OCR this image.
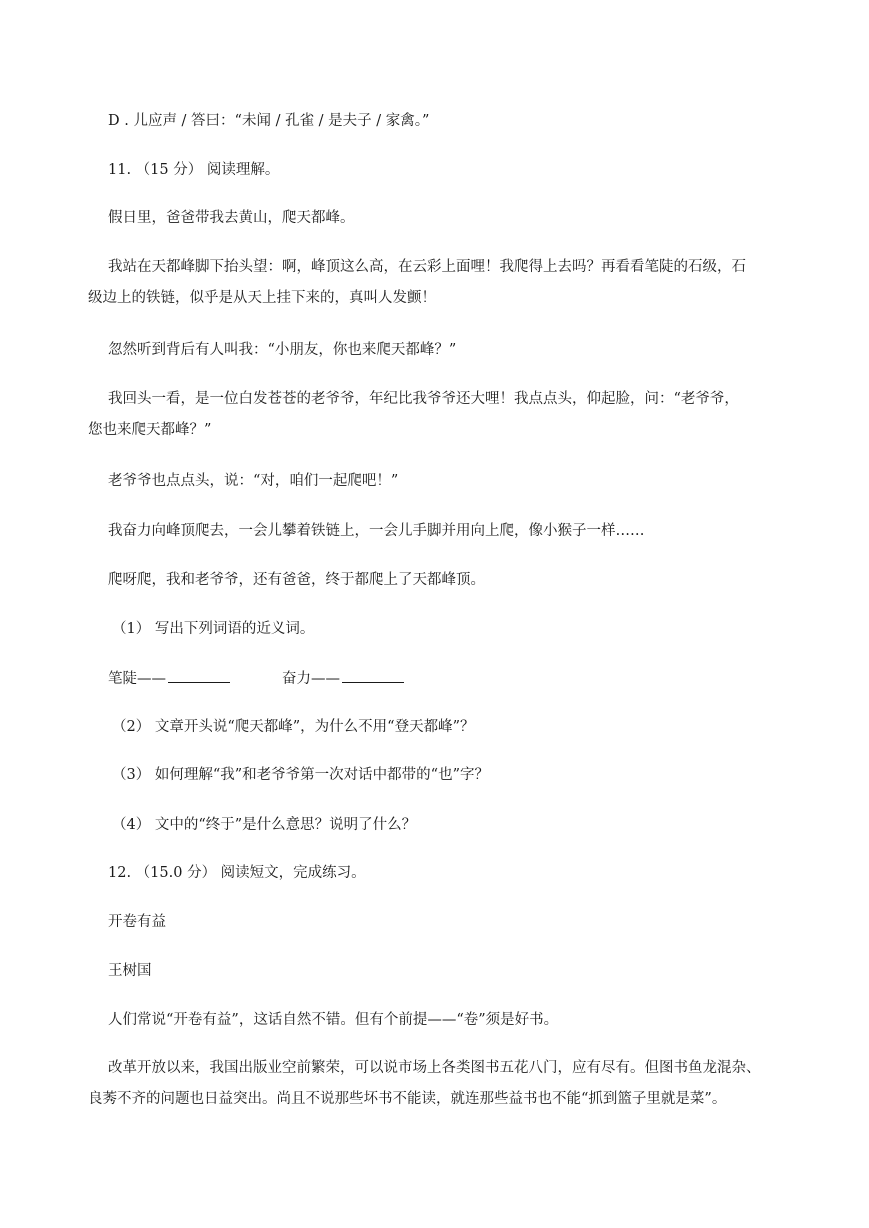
D . 儿应声 / 答曰：“未闻 / 孔雀 / 是夫子 / 家禽。”
11. （15 分） 阅读理解。
假日里，爸爸带我去黄山，爬天都峰。
我站在天都峰脚下抬头望：啊，峰顶这么高，在云彩上面哩！我爬得上去吗？再看看笔陡的石级，石
级边上的铁链，似乎是从天上挂下来的，真叫人发颤！
忽然听到背后有人叫我：“小朋友，你也来爬天都峰？”
我回头一看，是一位白发苍苍的老爷爷，年纪比我爷爷还大哩！我点点头，仰起脸，问：“老爷爷，
您也来爬天都峰？”
老爷爷也点点头，说：“对，咱们一起爬吧！”
我奋力向峰顶爬去，一会儿攀着铁链上，一会儿手脚并用向上爬，像小猴子一样……
爬呀爬，我和老爷爷，还有爸爸，终于都爬上了天都峰顶。
（1） 写出下列词语的近义词。
笔陡——	奋力——
（2） 文章开头说“爬天都峰”，为什么不用“登天都峰”？
（3） 如何理解“我”和老爷爷第一次对话中都带的“也”字？
（4） 文中的“终于”是什么意思？说明了什么？
12. （15.0 分） 阅读短文，完成练习。
开卷有益
王树国
人们常说“开卷有益”，这话自然不错。但有个前提——“卷”须是好书。
改革开放以来，我国出版业空前繁荣，可以说市场上各类图书五花八门，应有尽有。但图书鱼龙混杂、
良莠不齐的问题也日益突出。尚且不说那些坏书不能读，就连那些益书也不能“抓到篮子里就是菜”。
